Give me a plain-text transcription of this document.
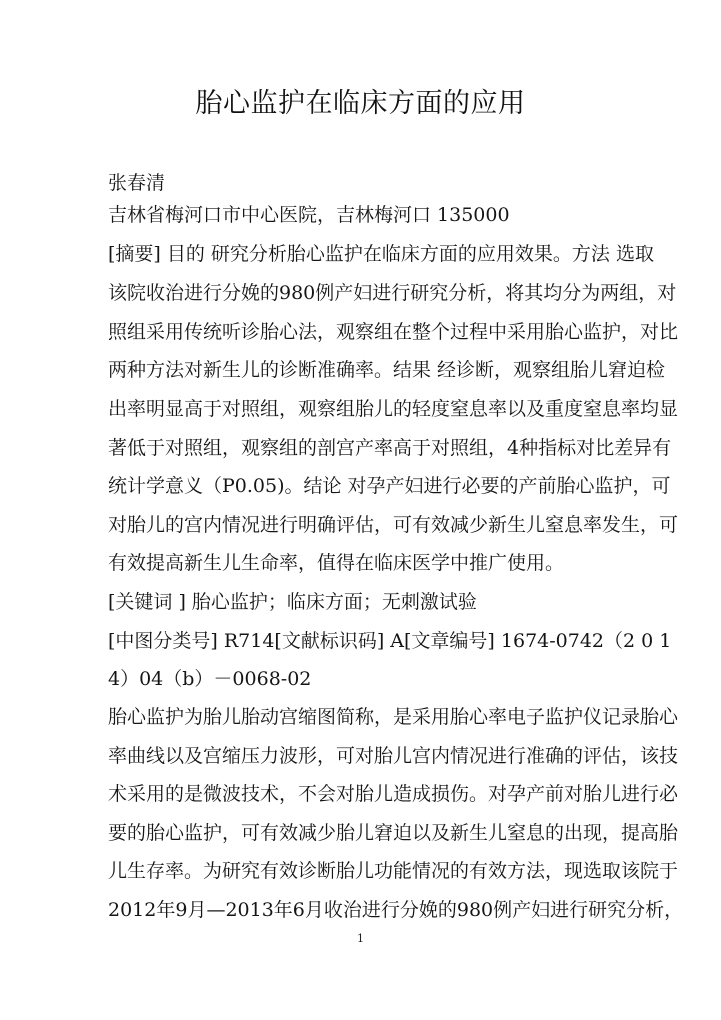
胎心监护在临床方面的应用
张春清
吉林省梅河口市中心医院，吉林梅河口 135000
[摘要] 目的 研究分析胎心监护在临床方面的应用效果。方法 选取
该院收治进行分娩的980例产妇进行研究分析，将其均分为两组，对
照组采用传统听诊胎心法，观察组在整个过程中采用胎心监护，对比
两种方法对新生儿的诊断准确率。结果 经诊断，观察组胎儿窘迫检
出率明显高于对照组，观察组胎儿的轻度窒息率以及重度窒息率均显
著低于对照组，观察组的剖宫产率高于对照组，4种指标对比差异有
统计学意义（P0.05)。结论 对孕产妇进行必要的产前胎心监护，可
对胎儿的宫内情况进行明确评估，可有效减少新生儿窒息率发生，可
有效提高新生儿生命率，值得在临床医学中推广使用。
[关键词 ] 胎心监护；临床方面；无刺激试验
[中图分类号] R714[文献标识码] A[文章编号] 1674-0742（2 0 1
4）04（b）－0068-02
胎心监护为胎儿胎动宫缩图简称，是采用胎心率电子监护仪记录胎心
率曲线以及宫缩压力波形，可对胎儿宫内情况进行准确的评估，该技
术采用的是微波技术，不会对胎儿造成损伤。对孕产前对胎儿进行必
要的胎心监护，可有效减少胎儿窘迫以及新生儿窒息的出现，提高胎
儿生存率。为研究有效诊断胎儿功能情况的有效方法，现选取该院于
2012年9月—2013年6月收治进行分娩的980例产妇进行研究分析，
1
